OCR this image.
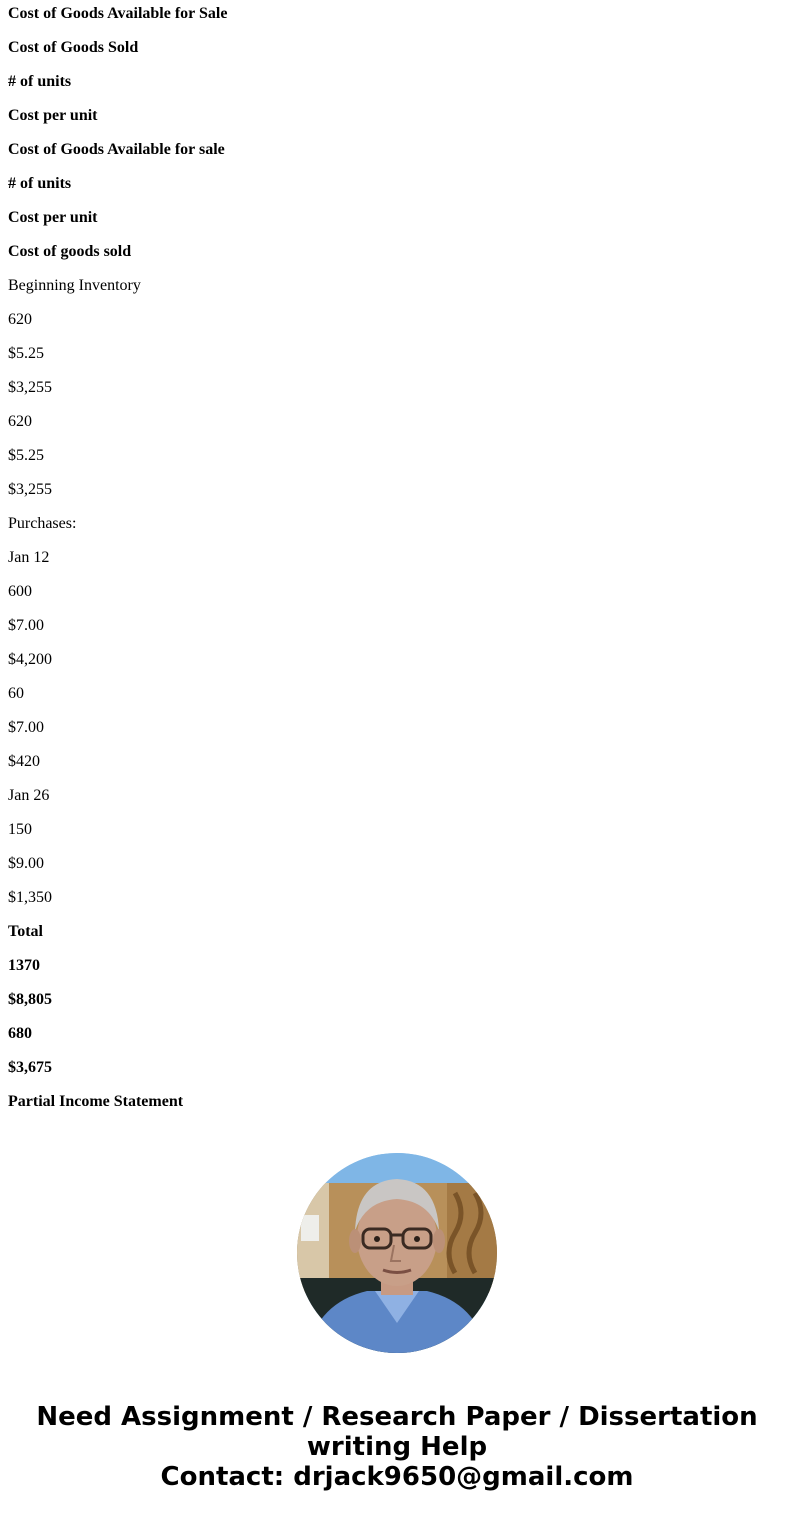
Cost of Goods Available for Sale
Cost of Goods Sold
# of units
Cost per unit
Cost of Goods Available for sale
# of units
Cost per unit
Cost of goods sold
Beginning Inventory
620
$5.25
$3,255
620
$5.25
$3,255
Purchases:
Jan 12
600
$7.00
$4,200
60
$7.00
$420
Jan 26
150
$9.00
$1,350
Total
1370
$8,805
680
$3,675
Partial Income Statement
Need Assignment / Research Paper / Dissertation
writing Help
Contact: drjack9650@gmail.com
